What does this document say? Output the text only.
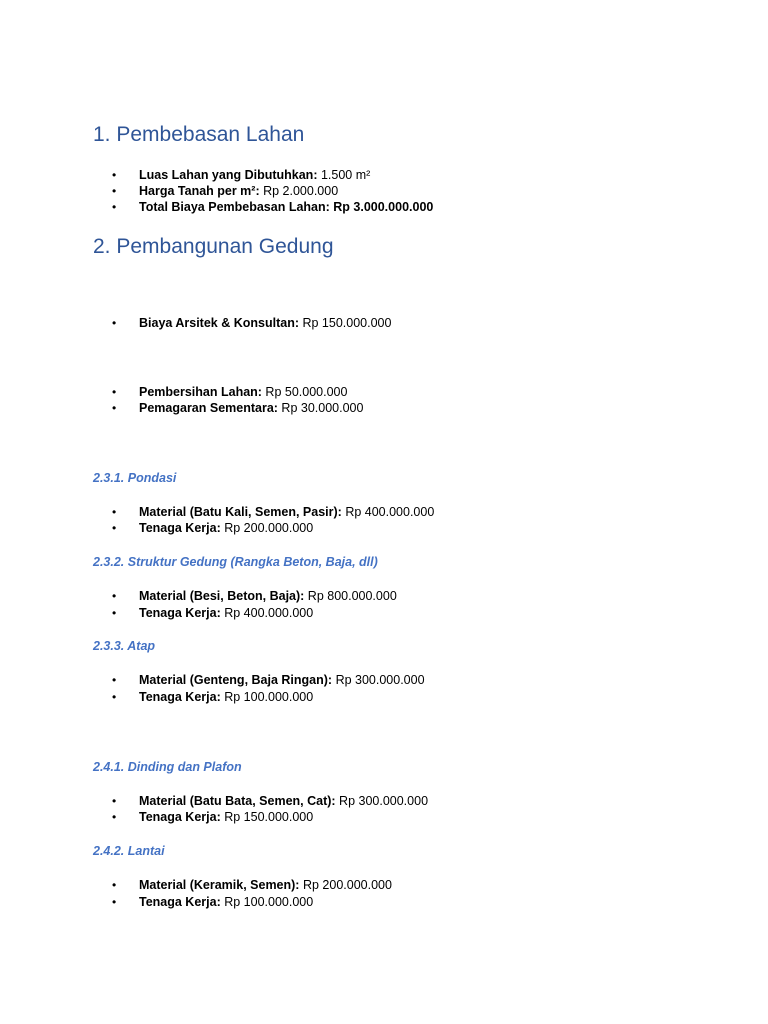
1. Pembebasan Lahan
•	Luas Lahan yang Dibutuhkan: 1.500 m²
•	Harga Tanah per m²: Rp 2.000.000
•	Total Biaya Pembebasan Lahan: Rp 3.000.000.000
2. Pembangunan Gedung
•	Biaya Arsitek & Konsultan: Rp 150.000.000
•	Pembersihan Lahan: Rp 50.000.000
•	Pemagaran Sementara: Rp 30.000.000
2.3.1. Pondasi
•	Material (Batu Kali, Semen, Pasir): Rp 400.000.000
•	Tenaga Kerja: Rp 200.000.000
2.3.2. Struktur Gedung (Rangka Beton, Baja, dll)
•	Material (Besi, Beton, Baja): Rp 800.000.000
•	Tenaga Kerja: Rp 400.000.000
2.3.3. Atap
•	Material (Genteng, Baja Ringan): Rp 300.000.000
•	Tenaga Kerja: Rp 100.000.000
2.4.1. Dinding dan Plafon
•	Material (Batu Bata, Semen, Cat): Rp 300.000.000
•	Tenaga Kerja: Rp 150.000.000
2.4.2. Lantai
•	Material (Keramik, Semen): Rp 200.000.000
•	Tenaga Kerja: Rp 100.000.000
